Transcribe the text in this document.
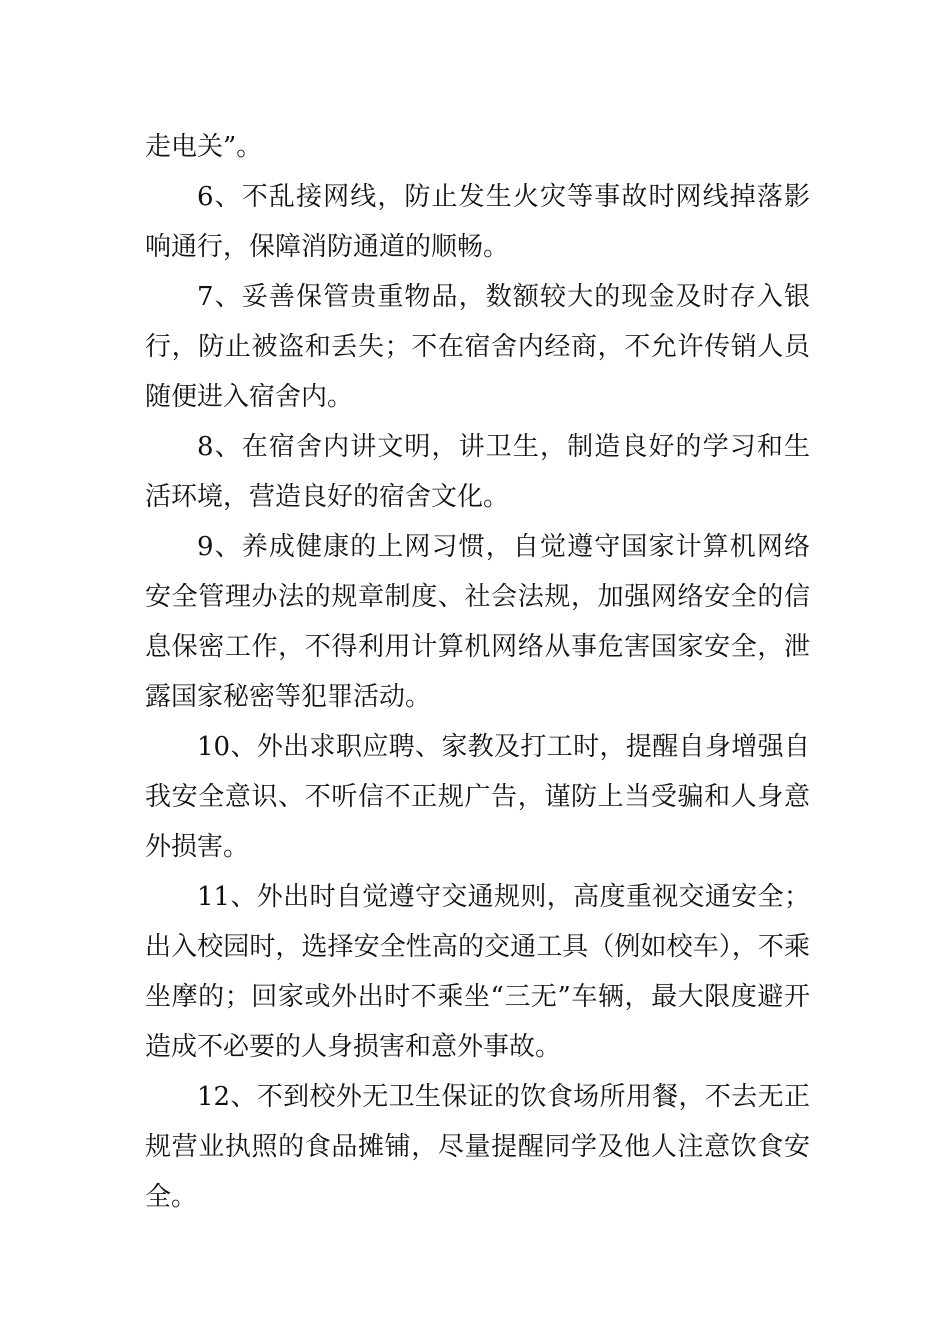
走电关”。

6、不乱接网线，防止发生火灾等事故时网线掉落影响通行，保障消防通道的顺畅。

7、妥善保管贵重物品，数额较大的现金及时存入银行，防止被盗和丢失；不在宿舍内经商，不允许传销人员随便进入宿舍内。

8、在宿舍内讲文明，讲卫生，制造良好的学习和生活环境，营造良好的宿舍文化。

9、养成健康的上网习惯，自觉遵守国家计算机网络安全管理办法的规章制度、社会法规，加强网络安全的信息保密工作，不得利用计算机网络从事危害国家安全，泄露国家秘密等犯罪活动。

10、外出求职应聘、家教及打工时，提醒自身增强自我安全意识、不听信不正规广告，谨防上当受骗和人身意外损害。

11、外出时自觉遵守交通规则，高度重视交通安全；出入校园时，选择安全性高的交通工具（例如校车），不乘坐摩的；回家或外出时不乘坐“三无”车辆，最大限度避开造成不必要的人身损害和意外事故。

12、不到校外无卫生保证的饮食场所用餐，不去无正规营业执照的食品摊铺，尽量提醒同学及他人注意饮食安全。
